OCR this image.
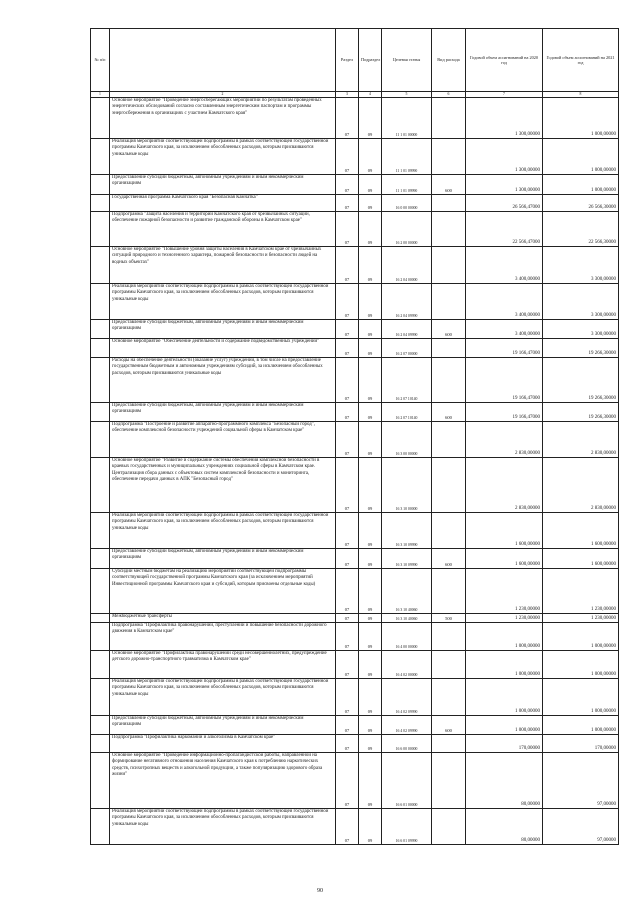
№ п/п		Раздел	Подраздел	Целевая статья	Вид расхода	Годовой объем ассигнований на 2020 год	Годовой объем ассигнований на 2021 год
1	2	3	4	5	6	7	8
	Основное мероприятие "Проведение энергосберегающих мероприятий по результатам проведенных энергетических обследований согласно составленным энергетическим паспортам и программы энергосбережения в организациях с участием Камчатского края"	07	09	11 1 01 00000		1 300,00000	1 000,00000
	Реализация мероприятий соответствующей подпрограммы в рамках соответствующей государственной программы Камчатского края, за исключением обособленных расходов, которым присваиваются уникальные коды	07	09	11 1 01 09990		1 300,00000	1 000,00000
	Предоставление субсидий бюджетным, автономным учреждениям и иным некоммерческим организациям	07	09	11 1 01 09990	600	1 300,00000	1 000,00000
	Государственная программа Камчатского края "Безопасная Камчатка"	07	09	16 0 00 00000		26 566,47000	26 566,30000
	Подпрограмма "Защита населения и территорий Камчатского края от чрезвычайных ситуаций, обеспечение пожарной безопасности и развитие гражданской обороны в Камчатском крае"	07	09	16 2 00 00000		22 566,47000	22 566,30000
	Основное мероприятие "Повышение уровня защиты населения в Камчатском крае от чрезвычайных ситуаций природного и техногенного характера, пожарной безопасности и безопасности людей на водных объектах"	07	09	16 2 04 00000		3 400,00000	3 300,00000
	Реализация мероприятий соответствующей подпрограммы в рамках соответствующей государственной программы Камчатского края, за исключением обособленных расходов, которым присваиваются уникальные коды	07	09	16 2 04 09990		3 400,00000	3 300,00000
	Предоставление субсидий бюджетным, автономным учреждениям и иным некоммерческим организациям	07	09	16 2 04 09990	600	3 400,00000	3 300,00000
	Основное мероприятие "Обеспечение деятельности и содержание подведомственных учреждений"	07	09	16 2 07 00000		19 166,47000	19 266,30000
	Расходы на обеспечение деятельности (оказание услуг) учреждений, в том числе на предоставление государственным бюджетным и автономным учреждениям субсидий, за исключением обособленных расходов, которым присваиваются уникальные коды	07	09	16 2 07 10140		19 166,47000	19 266,30000
	Предоставление субсидий бюджетным, автономным учреждениям и иным некоммерческим организациям	07	09	16 2 07 10140	600	19 166,47000	19 266,30000
	Подпрограмма "Построение и развитие аппаратно-программного комплекса "Безопасный город", обеспечение комплексной безопасности учреждений социальной сферы в Камчатском крае"	07	09	16 3 00 00000		2 830,00000	2 830,00000
	Основное мероприятие "Развитие и содержание системы обеспечения комплексной безопасности в краевых государственных и муниципальных учреждениях социальной сферы в Камчатском крае. Централизация сбора данных с объектовых систем комплексной безопасности и мониторинга, обеспечение передачи данных в АПК "Безопасный город"	07	09	16 3 10 00000		2 830,00000	2 830,00000
	Реализация мероприятий соответствующей подпрограммы в рамках соответствующей государственной программы Камчатского края, за исключением обособленных расходов, которым присваиваются уникальные коды	07	09	16 3 10 09990		1 600,00000	1 600,00000
	Предоставление субсидий бюджетным, автономным учреждениям и иным некоммерческим организациям	07	09	16 3 10 09990	600	1 600,00000	1 600,00000
	Субсидии местным бюджетам на реализацию мероприятий соответствующей подпрограммы соответствующей государственной программы Камчатского края (за исключением мероприятий Инвестиционной программы Камчатского края и субсидий, которым присвоены отдельные коды)	07	09	16 3 10 40060		1 230,00000	1 230,00000
	Межбюджетные трансферты	07	09	16 3 10 40060	500	1 230,00000	1 230,00000
	Подпрограмма "Профилактика правонарушений, преступлений и повышение безопасности дорожного движения в Камчатском крае"	07	09	16 4 00 00000		1 000,00000	1 000,00000
	Основное мероприятие "Профилактика правонарушений среди несовершеннолетних, предупреждение детского дорожно-транспортного травматизма в Камчатском крае"	07	09	16 4 02 00000		1 000,00000	1 000,00000
	Реализация мероприятий соответствующей подпрограммы в рамках соответствующей государственной программы Камчатского края, за исключением обособленных расходов, которым присваиваются уникальные коды	07	09	16 4 02 09990		1 000,00000	1 000,00000
	Предоставление субсидий бюджетным, автономным учреждениям и иным некоммерческим организациям	07	09	16 4 02 09990	600	1 000,00000	1 000,00000
	Подпрограмма "Профилактика наркомании и алкоголизма в Камчатском крае"	07	09	16 6 00 00000		170,00000	170,00000
	Основное мероприятие "Проведение информационно-пропагандистской работы, направленной на формирование негативного отношения населения Камчатского края к потреблению наркотических средств, психотропных веществ и алкогольной продукции, а также популяризацию здорового образа жизни"	07	09	16 6 01 00000		80,00000	97,00000
	Реализация мероприятий соответствующей подпрограммы в рамках соответствующей государственной программы Камчатского края, за исключением обособленных расходов, которым присваиваются уникальные коды	07	09	16 6 01 09990		80,00000	97,00000
90
